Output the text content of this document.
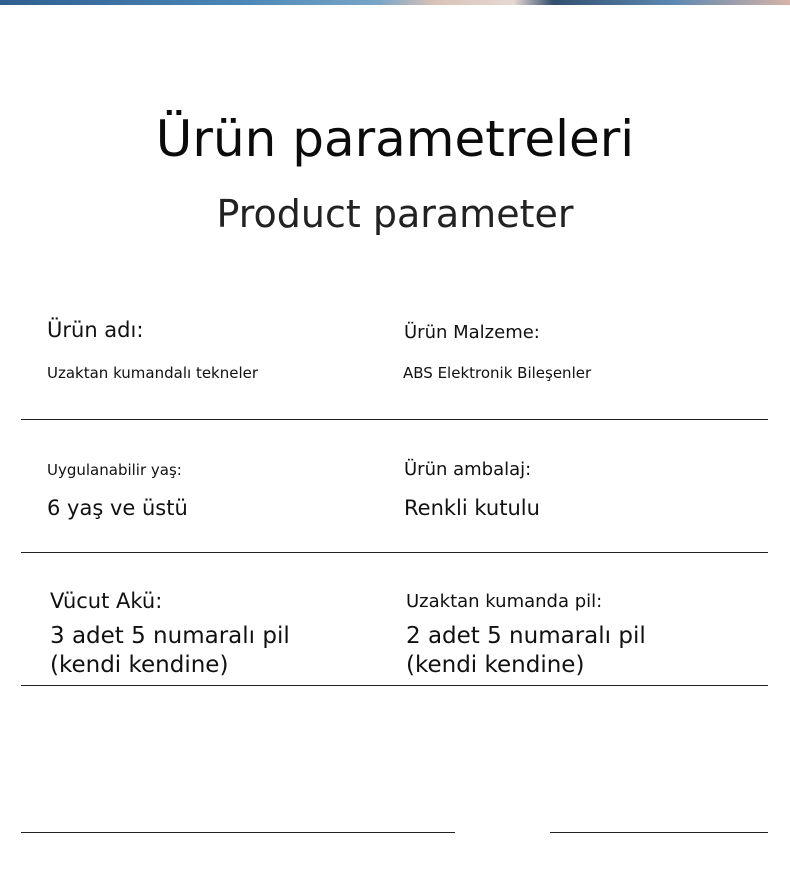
Ürün parametreleri
Product parameter
Ürün adı:
Uzaktan kumandalı tekneler
Ürün Malzeme:
ABS Elektronik Bileşenler
Uygulanabilir yaş:
6 yaş ve üstü
Ürün ambalaj:
Renkli kutulu
Vücut Akü:
3 adet 5 numaralı pil (kendi kendine)
Uzaktan kumanda pil:
2 adet 5 numaralı pil (kendi kendine)
